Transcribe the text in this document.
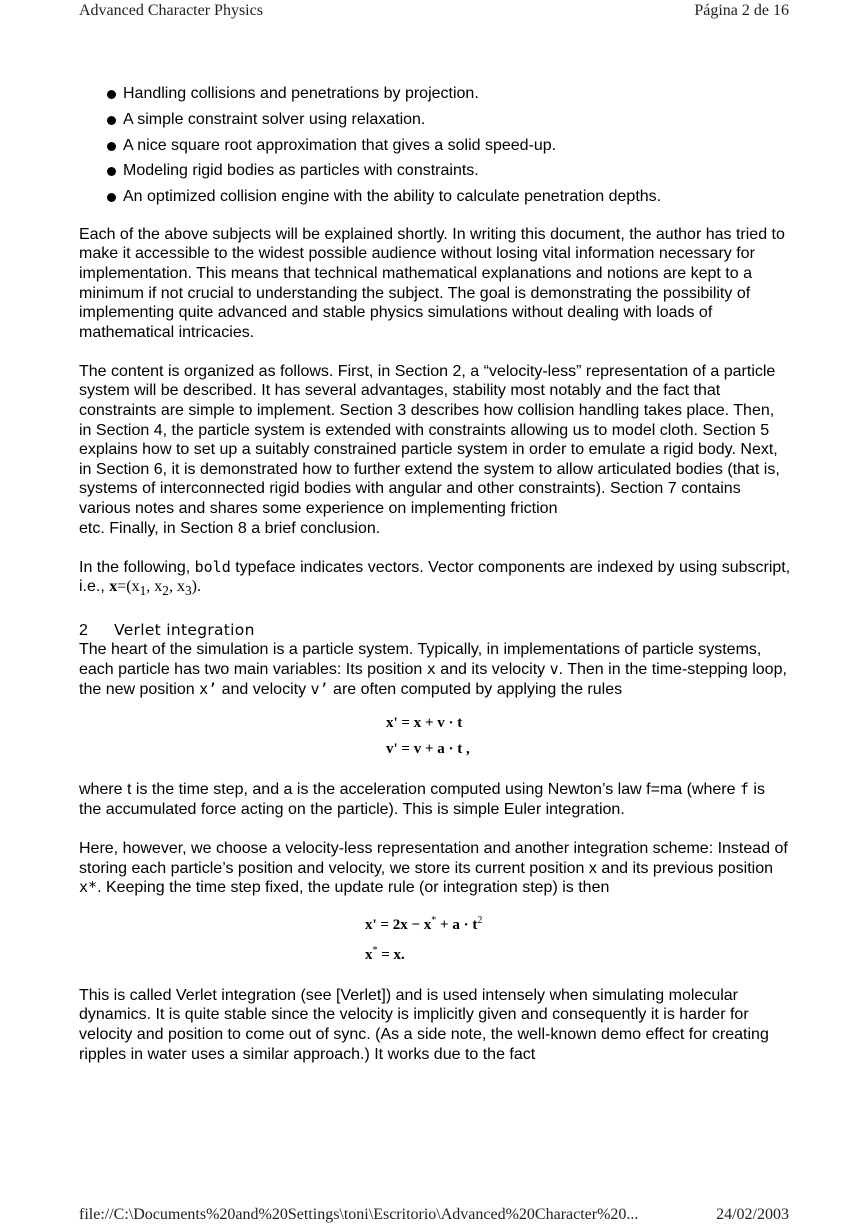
Advanced Character Physics	Página 2 de 16
Handling collisions and penetrations by projection.
A simple constraint solver using relaxation.
A nice square root approximation that gives a solid speed-up.
Modeling rigid bodies as particles with constraints.
An optimized collision engine with the ability to calculate penetration depths.

Each of the above subjects will be explained shortly. In writing this document, the author has tried to make it accessible to the widest possible audience without losing vital information necessary for implementation. This means that technical mathematical explanations and notions are kept to a minimum if not crucial to understanding the subject. The goal is demonstrating the possibility of implementing quite advanced and stable physics simulations without dealing with loads of mathematical intricacies.

The content is organized as follows. First, in Section 2, a “velocity-less” representation of a particle system will be described. It has several advantages, stability most notably and the fact that constraints are simple to implement. Section 3 describes how collision handling takes place. Then, in Section 4, the particle system is extended with constraints allowing us to model cloth. Section 5 explains how to set up a suitably constrained particle system in order to emulate a rigid body. Next, in Section 6, it is demonstrated how to further extend the system to allow articulated bodies (that is, systems of interconnected rigid bodies with angular and other constraints). Section 7 contains various notes and shares some experience on implementing friction
etc. Finally, in Section 8 a brief conclusion.

In the following, bold typeface indicates vectors. Vector components are indexed by using subscript, i.e., $x=(x_1$, $x_2$, $x_3$).

2 Verlet integration

The heart of the simulation is a particle system. Typically, in implementations of particle systems, each particle has two main variables: Its position x and its velocity v. Then in the time-stepping loop, the new position x’ and velocity v’ are often computed by applying the rules

x' = x + v · t
v' = v + a · t ,

where t is the time step, and a is the acceleration computed using Newton’s law f=ma (where f is the accumulated force acting on the particle). This is simple Euler integration.

Here, however, we choose a velocity-less representation and another integration scheme: Instead of storing each particle’s position and velocity, we store its current position x and its previous position x*. Keeping the time step fixed, the update rule (or integration step) is then

$x' = 2x - x^* + a \cdot t^2$
x* = x.

This is called Verlet integration (see [Verlet]) and is used intensely when simulating molecular dynamics. It is quite stable since the velocity is implicitly given and consequently it is harder for velocity and position to come out of sync. (As a side note, the well-known demo effect for creating ripples in water uses a similar approach.) It works due to the fact

file://C:\Documents%20and%20Settings\toni\Escritorio\Advanced%20Character%20...	24/02/2003
